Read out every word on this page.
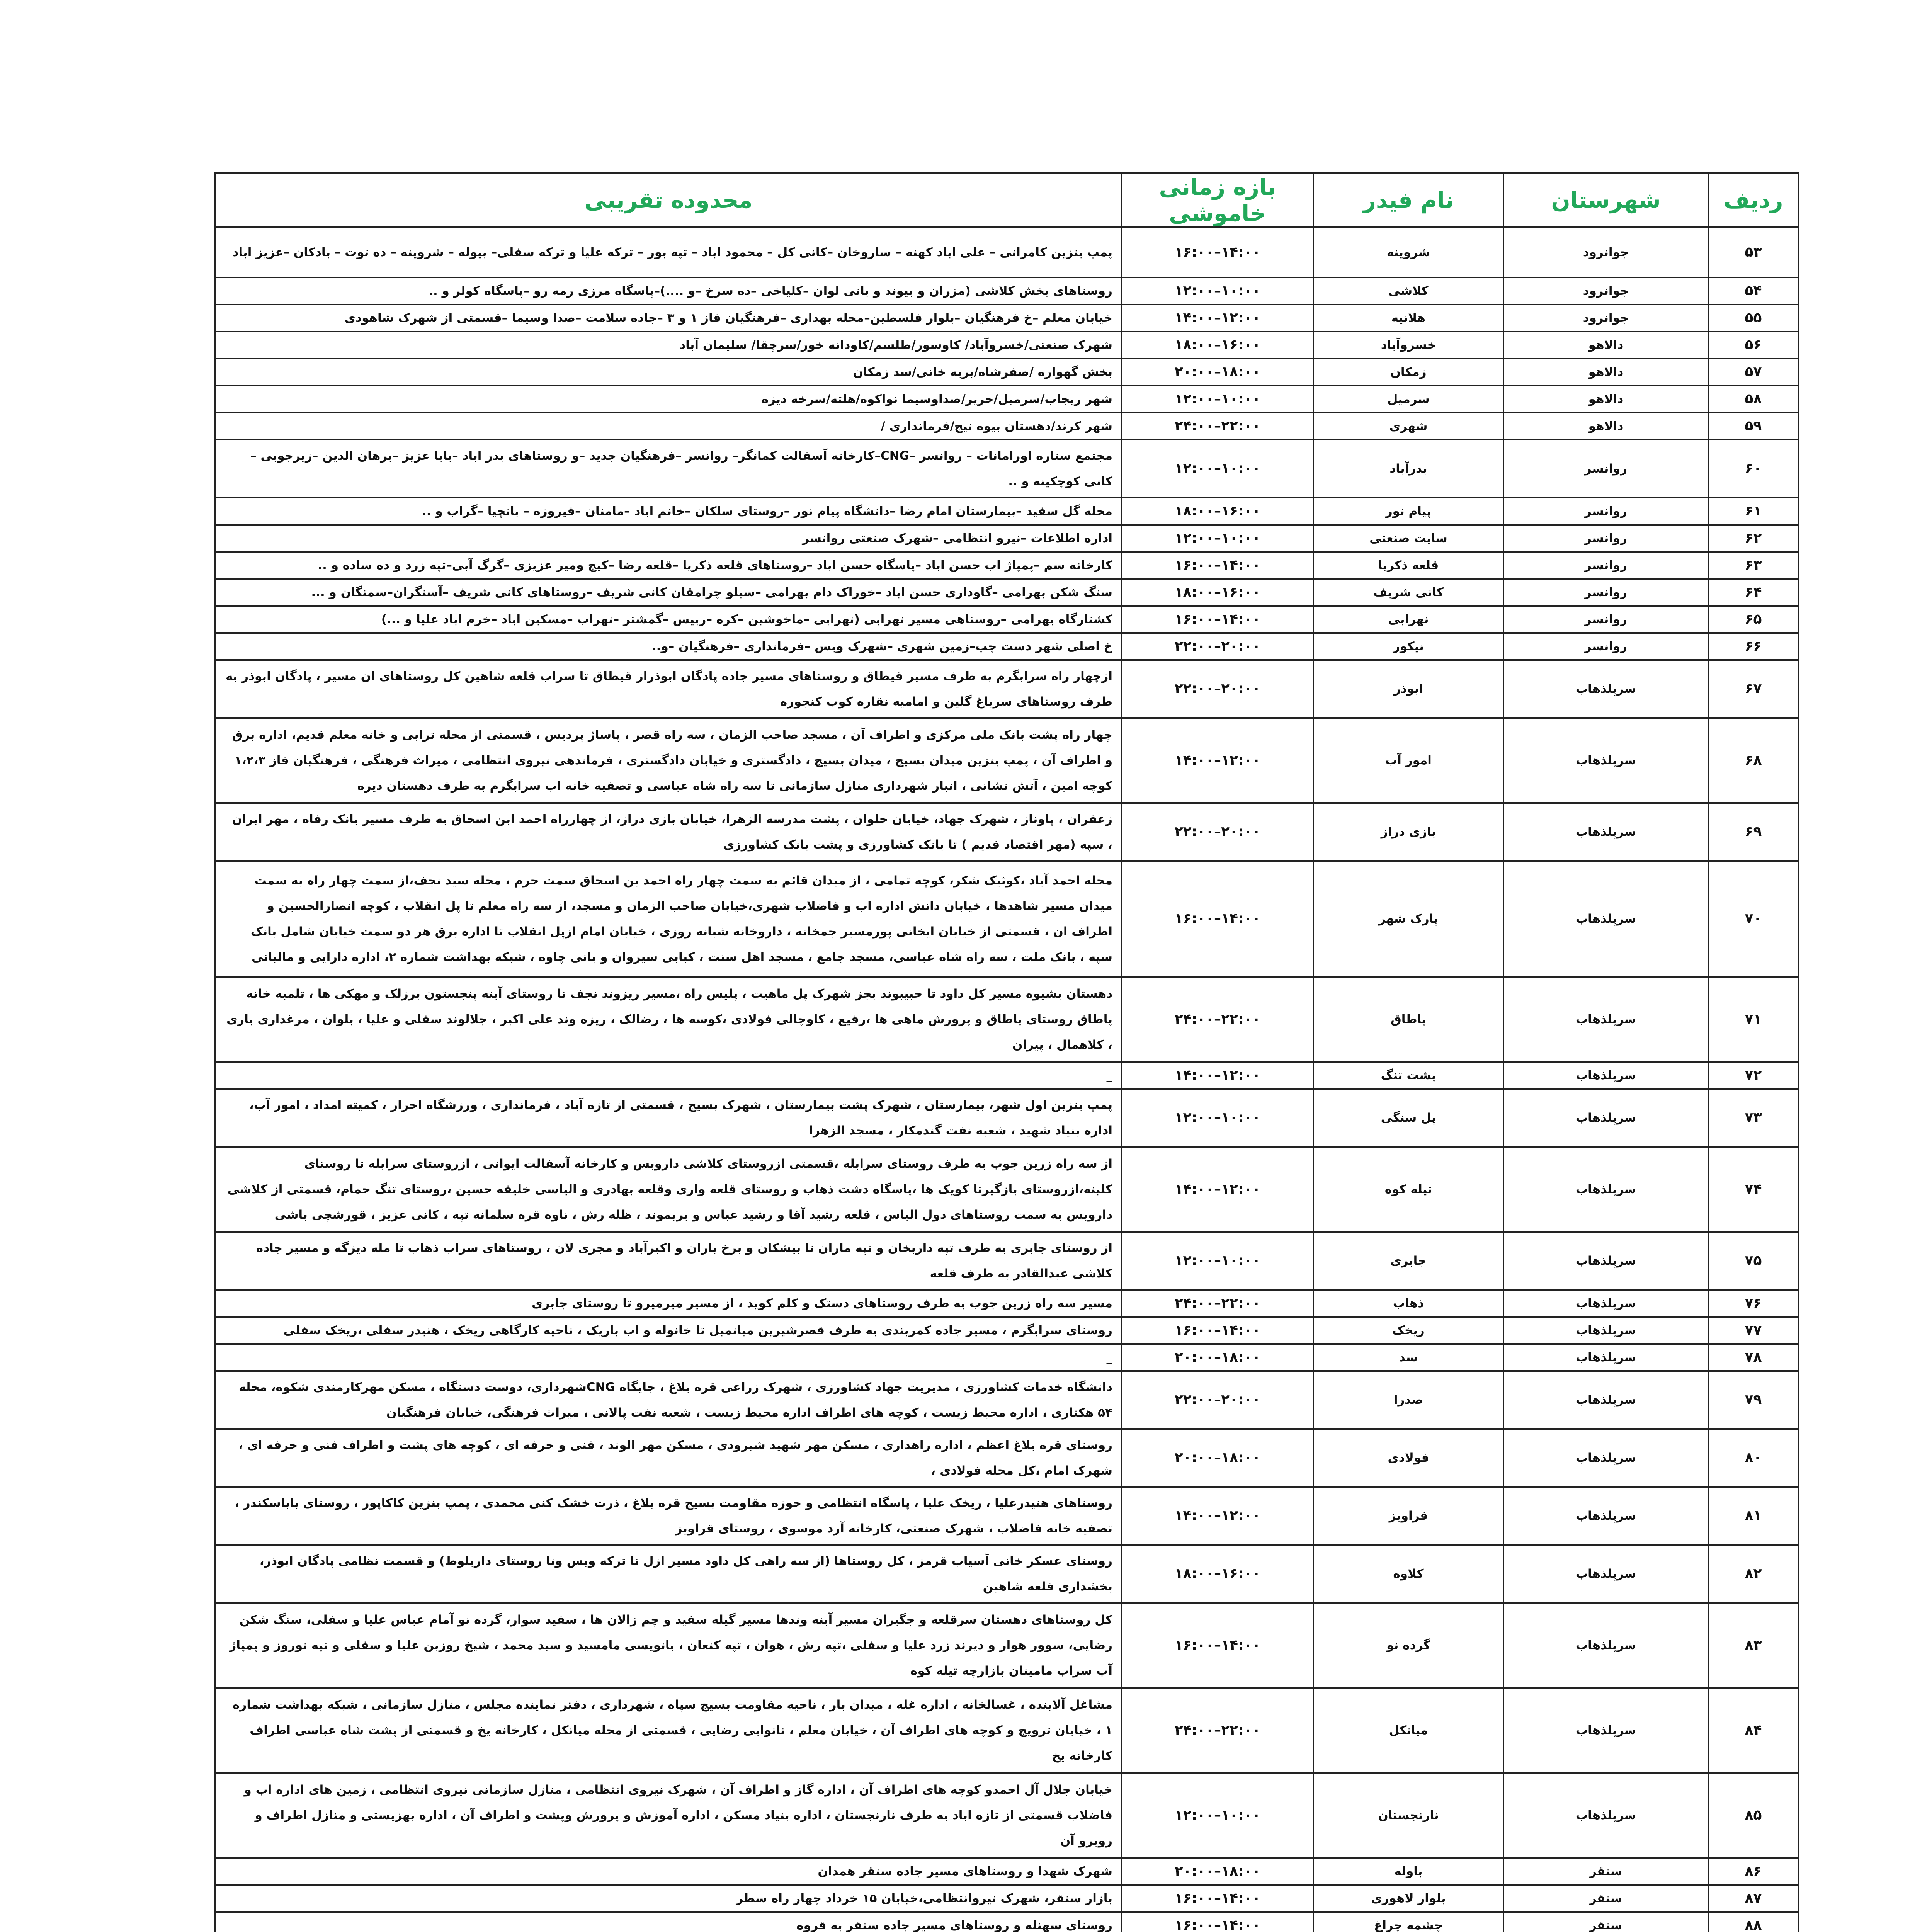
ردیف	شهرستان	نام فیدر	بازه زمانی خاموشی	محدوده تقریبی
۵۳	جوانرود	شروینه	۱۴:۰۰–۱۶:۰۰	پمپ بنزین کامرانی – علی اباد کهنه – ساروخان –کانی کل – محمود اباد – تپه بور – ترکه علیا و ترکه سفلی– بیوله – شروینه – ده توت – بادکان –عزیز اباد
۵۴	جوانرود	کلاشی	۱۰:۰۰–۱۲:۰۰	روستاهای بخش کلاشی (مزران و بیوند و بانی لوان –کلیاخی –ده سرخ –و ....)–پاسگاه مرزی رمه رو –پاسگاه کولر و ..
۵۵	جوانرود	هلانیه	۱۲:۰۰–۱۴:۰۰	خیابان معلم –خ فرهنگیان –بلوار فلسطین–محله بهداری –فرهنگیان فاز ۱ و ۳ –جاده سلامت –صدا وسیما –قسمتی از شهرک شاهودی
۵۶	دالاهو	خسروآباد	۱۶:۰۰–۱۸:۰۰	شهرک صنعتی/خسروآباد/ کاوسور/طلسم/کاودانه خور/سرچقا/ سلیمان آباد
۵۷	دالاهو	زمکان	۱۸:۰۰–۲۰:۰۰	بخش گهواره /صفرشاه/بریه خانی/سد زمکان
۵۸	دالاهو	سرمیل	۱۰:۰۰–۱۲:۰۰	شهر ریجاب/سرمیل/حریر/صداوسیما نواکوه/هلته/سرخه دیزه
۵۹	دالاهو	شهری	۲۲:۰۰–۲۴:۰۰	شهر کرند/دهستان بیوه نیج/فرمانداری /
۶۰	روانسر	بدرآباد	۱۰:۰۰–۱۲:۰۰	مجتمع ستاره اورامانات – روانسر –CNG–کارخانه آسفالت کمانگر– روانسر –فرهنگیان جدید –و روستاهای بدر اباد –بابا عزیز –برهان الدین –زیرجوبی –کانی کوچکینه و ..
۶۱	روانسر	پیام نور	۱۶:۰۰–۱۸:۰۰	محله گل سفید –بیمارستان امام رضا –دانشگاه پیام نور –روستای سلکان –خانم اباد –مامنان –فیروزه – بانچیا –گراب و ..
۶۲	روانسر	سایت صنعتی	۱۰:۰۰–۱۲:۰۰	اداره اطلاعات –نیرو انتظامی –شهرک صنعتی روانسر
۶۳	روانسر	قلعه ذکریا	۱۴:۰۰–۱۶:۰۰	کارخانه سم –پمپاژ اب حسن اباد –پاسگاه حسن اباد –روستاهای قلعه ذکریا –قلعه رضا –کیج ومیر عزیزی –گرگ آبی–تپه زرد و ده ساده و ..
۶۴	روانسر	کانی شریف	۱۶:۰۰–۱۸:۰۰	سنگ شکن بهرامی –گاوداری حسن اباد –خوراک دام بهرامی –سیلو چرامقان کانی شریف –روستاهای کانی شریف –آسنگران–سمنگان و ...
۶۵	روانسر	نهرابی	۱۴:۰۰–۱۶:۰۰	کشتارگاه بهرامی –روستاهی مسیر نهرابی (نهرابی –ماخوشین –کره –ربیس –گمشتر –نهراب –مسکین اباد –خرم اباد علیا و ...)
۶۶	روانسر	نیکور	۲۰:۰۰–۲۲:۰۰	خ اصلی شهر دست چپ–زمین شهری –شهرک ویس –فرمانداری –فرهنگیان –و..
۶۷	سرپلذهاب	ابوذر	۲۰:۰۰–۲۲:۰۰	ازچهار راه سرابگرم به طرف مسیر قیطاق و روستاهای مسیر جاده پادگان ابوذراز قیطاق تا سراب قلعه شاهین کل روستاهای ان مسیر ، پادگان ابوذر به طرف روستاهای سرباغ گلین و امامیه نقاره کوب کنجوره
۶۸	سرپلذهاب	امور آب	۱۲:۰۰–۱۴:۰۰	چهار راه پشت بانک ملی مرکزی و اطراف آن ، مسجد صاحب الزمان ، سه راه قصر ، پاساژ پردیس ، قسمتی از محله ترابی و خانه معلم قدیم، اداره برق و اطراف آن ، پمپ بنزین میدان بسیج ، میدان بسیج ، دادگستری و خیابان دادگستری ، فرماندهی نیروی انتظامی ، میراث فرهنگی ، فرهنگیان فاز ۱،۲،۳ کوچه امین ، آتش نشانی ، انبار شهرداری منازل سازمانی تا سه راه شاه عباسی و تصفیه خانه اب سرابگرم به طرف دهستان دیره
۶۹	سرپلذهاب	بازی دراز	۲۰:۰۰–۲۲:۰۰	زعفران ، پاوناز ، شهرک جهاد، خیابان حلوان ، پشت مدرسه الزهرا، خیابان بازی دراز، از چهارراه احمد ابن اسحاق به طرف مسیر بانک رفاه ، مهر ایران ، سپه (مهر اقتصاد قدیم ) تا بانک کشاورزی و پشت بانک کشاورزی
۷۰	سرپلذهاب	پارک شهر	۱۴:۰۰–۱۶:۰۰	محله احمد آباد ،کوثیک شکر، کوچه تمامی ، از میدان قائم به سمت چهار راه احمد بن اسحاق سمت حرم ، محله سید نجف،از سمت چهار راه به سمت میدان مسیر شاهدها ، خیابان دانش اداره اب و فاضلاب شهری،خیابان صاحب الزمان و مسجد، از سه راه معلم تا پل انقلاب ، کوچه انصارالحسین و اطراف ان ، قسمتی از خیابان ایخانی پورمسیر جمخانه ، داروخانه شبانه روزی ، خیابان امام ازپل انقلاب تا اداره برق هر دو سمت خیابان شامل بانک سپه ، بانک ملت ، سه راه شاه عباسی، مسجد جامع ، مسجد اهل سنت ، کبابی سیروان و بانی چاوه ، شبکه بهداشت شماره ۲، اداره دارایی و مالیاتی
۷۱	سرپلذهاب	پاطاق	۲۲:۰۰–۲۴:۰۰	دهستان بشیوه مسیر کل داود تا حبیبوند بجز شهرک پل ماهیت ، پلیس راه ،مسیر ریزوند نجف تا روستای آبنه پنجستون برزلک و مهکی ها ، تلمبه خانه پاطاق روستای پاطاق و پرورش ماهی ها ،رفیع ، کاوچالی فولادی ،کوسه ها ، رضالک ، ریزه وند علی اکبر ، جلالوند سفلی و علیا ، بلوان ، مرغداری باری ، کلاهمال ، پیران
۷۲	سرپلذهاب	پشت تنگ	۱۲:۰۰–۱۴:۰۰	_
۷۳	سرپلذهاب	پل سنگی	۱۰:۰۰–۱۲:۰۰	پمپ بنزین اول شهر، بیمارستان ، شهرک پشت بیمارستان ، شهرک بسیج ، قسمتی از تازه آباد ، فرمانداری ، ورزشگاه احرار ، کمیته امداد ، امور آب، اداره بنیاد شهید ، شعبه نفت گندمکار ، مسجد الزهرا
۷۴	سرپلذهاب	تیله کوه	۱۲:۰۰–۱۴:۰۰	از سه راه زرین جوب به طرف روستای سرابله ،قسمتی ازروستای کلاشی داروبس و کارخانه آسفالت ایوانی ، ازروستای سرابله تا روستای کلینه،ازروستای بازگیرتا کویک ها ،پاسگاه دشت ذهاب و روستای قلعه واری وقلعه بهادری و الیاسی خلیفه حسین ،روستای تنگ حمام، قسمتی از کلاشی داروبس به سمت روستاهای دول الیاس ، قلعه رشید آقا و رشید عباس و بریموند ، ظله رش ، ناوه قره سلمانه تپه ، کانی عزیز ، قورشچی باشی
۷۵	سرپلذهاب	جابری	۱۰:۰۰–۱۲:۰۰	از روستای جابری به طرف تپه داربخان و تپه ماران تا بیشکان و برخ باران و اکبرآباد و مجری لان ، روستاهای سراب ذهاب تا مله دیزگه و مسیر جاده کلاشی عبدالقادر به طرف قلعه
۷۶	سرپلذهاب	ذهاب	۲۲:۰۰–۲۴:۰۰	مسیر سه راه زرین جوب به طرف روستاهای دستک و کلم کوید ، از مسیر میرمیرو تا روستای جابری
۷۷	سرپلذهاب	ریخک	۱۴:۰۰–۱۶:۰۰	روستای سرابگرم ، مسیر جاده کمربندی به طرف قصرشیرین میانمیل تا خانوله و اب باریک ، ناحیه کارگاهی ریخک ، هنیدر سفلی ،ریخک سفلی
۷۸	سرپلذهاب	سد	۱۸:۰۰–۲۰:۰۰	_
۷۹	سرپلذهاب	صدرا	۲۰:۰۰–۲۲:۰۰	دانشگاه خدمات کشاورزی ، مدیریت جهاد کشاورزی ، شهرک زراعی قره بلاغ ، جایگاه CNGشهرداری، دوست دستگاه ، مسکن مهرکارمندی شکوه، محله ۵۴ هکتاری ، اداره محیط زیست ، کوچه های اطراف اداره محیط زیست ، شعبه نفت پالانی ، میراث فرهنگی، خیابان فرهنگیان
۸۰	سرپلذهاب	فولادی	۱۸:۰۰–۲۰:۰۰	روستای قره بلاغ اعظم ، اداره راهداری ، مسکن مهر شهید شیرودی ، مسکن مهر الوند ، فنی و حرفه ای ، کوچه های پشت و اطراف فنی و حرفه ای ، شهرک امام ،کل محله فولادی ،
۸۱	سرپلذهاب	قراویز	۱۲:۰۰–۱۴:۰۰	روستاهای هنیدرعلیا ، ریخک علیا ، پاسگاه انتظامی و حوزه مقاومت بسیج قره بلاغ ، ذرت خشک کنی محمدی ، پمپ بنزین کاکاپور ، روستای باباسکندر ، تصفیه خانه فاضلاب ، شهرک صنعتی، کارخانه آرد موسوی ، روستای قراویز
۸۲	سرپلذهاب	کلاوه	۱۶:۰۰–۱۸:۰۰	روستای عسکر خانی آسیاب قرمز ، کل روستاها (از سه راهی کل داود مسیر ازل تا ترکه ویس ونا روستای داربلوط) و قسمت نظامی پادگان ابوذر، بخشداری قلعه شاهین
۸۳	سرپلذهاب	گرده نو	۱۴:۰۰–۱۶:۰۰	کل روستاهای دهستان سرقلعه و جگیران مسیر آبنه وندها مسیر گیله سفید و چم زالان ها ، سفید سوار، گرده نو آمام عباس علیا و سفلی، سنگ شکن رضایی، سوور هوار و دیرند زرد علیا و سفلی ،تپه رش ، هوان ، تپه کنعان ، بانویسی مامسید و سید محمد ، شیخ روزبن علیا و سفلی و تپه نوروز و پمپاژ آب سراب مامینان بازارچه تیله کوه
۸۴	سرپلذهاب	میانکل	۲۲:۰۰–۲۴:۰۰	مشاغل آلاینده ، غسالخانه ، اداره غله ، میدان بار ، ناحیه مقاومت بسیج سپاه ، شهرداری ، دفتر نماینده مجلس ، منازل سازمانی ، شبکه بهداشت شماره ۱ ، خیابان ترویج و کوچه های اطراف آن ، خیابان معلم ، نانوایی رضایی ، قسمتی از محله میانکل ، کارخانه یخ و قسمتی از پشت شاه عباسی اطراف کارخانه یخ
۸۵	سرپلذهاب	نارنجستان	۱۰:۰۰–۱۲:۰۰	خیابان جلال آل احمدو کوچه های اطراف آن ، اداره گاز و اطراف آن ، شهرک نیروی انتظامی ، منازل سازمانی نیروی انتظامی ، زمین های اداره اب و فاضلاب قسمتی از تازه اباد به طرف نارنجستان ، اداره بنیاد مسکن ، اداره آموزش و پرورش وپشت و اطراف آن ، اداره بهزیستی و منازل اطراف و روبرو آن
۸۶	سنقر	باوله	۱۸:۰۰–۲۰:۰۰	شهرک شهدا و روستاهای مسیر جاده سنقر همدان
۸۷	سنقر	بلوار لاهوری	۱۴:۰۰–۱۶:۰۰	بازار سنقر، شهرک نیروانتظامی،خیابان ۱۵ خرداد چهار راه سطر
۸۸	سنقر	چشمه چراغ	۱۴:۰۰–۱۶:۰۰	روستای سهنله و روستاهای مسیر جاده سنقر به قروه
